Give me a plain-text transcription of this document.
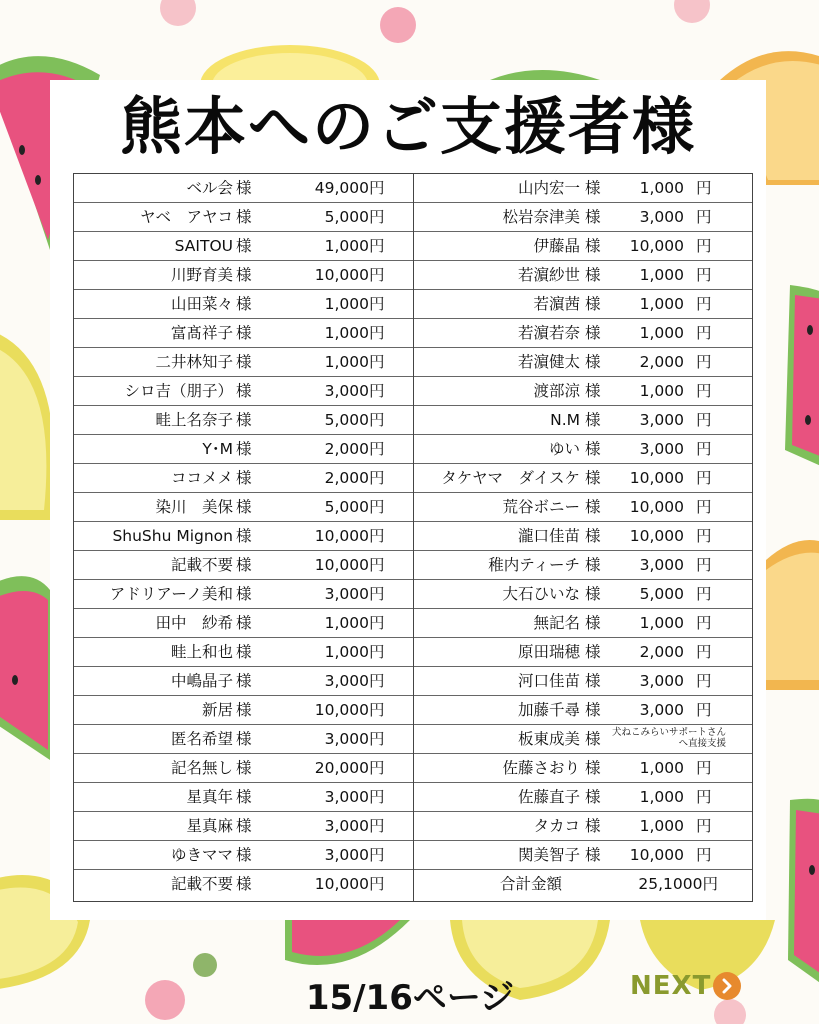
熊本へのご支援者様
ベル会 様	49,000 円
ヤベ　アヤコ 様	5,000 円
SAITOU 様	1,000 円
川野育美 様	10,000 円
山田菜々 様	1,000 円
富髙祥子 様	1,000 円
二井林知子 様	1,000 円
シロ吉（朋子） 様	3,000 円
畦上名奈子 様	5,000 円
Y･M 様	2,000 円
ココメメ 様	2,000 円
染川　美保 様	5,000 円
ShuShu Mignon 様	10,000 円
記載不要 様	10,000 円
アドリアーノ美和 様	3,000 円
田中　紗希 様	1,000 円
畦上和也 様	1,000 円
中嶋晶子 様	3,000 円
新居 様	10,000 円
匿名希望 様	3,000 円
記名無し 様	20,000 円
星真年 様	3,000 円
星真麻 様	3,000 円
ゆきママ 様	3,000 円
記載不要 様	10,000 円
山内宏一 様	1,000 円
松岩奈津美 様	3,000 円
伊藤晶 様 10,000 円
若濵紗世 様	1,000 円
若濵茜 様	1,000 円
若濵若奈 様	1,000 円
若濵健太 様	2,000 円
渡部涼 様	1,000 円
N.M 様	3,000 円
ゆい 様	3,000 円
タケヤマ　ダイスケ 様 10,000 円
荒谷ボニー 様 10,000 円
瀧口佳苗 様 10,000 円
稚内ティーチ 様	3,000 円
大石ひいな 様	5,000 円
無記名 様	1,000 円
原田瑞穂 様	2,000 円
河口佳苗 様	3,000 円
加藤千尋 様	3,000 円
板東成美 様 犬ねこみらいサポートさん
へ直接支援
佐藤さおり 様	1,000 円
佐藤直子 様	1,000 円
タカコ 様	1,000 円
関美智子 様 10,000 円
合計金額	25,1000円
15/16ページ	NEXT
